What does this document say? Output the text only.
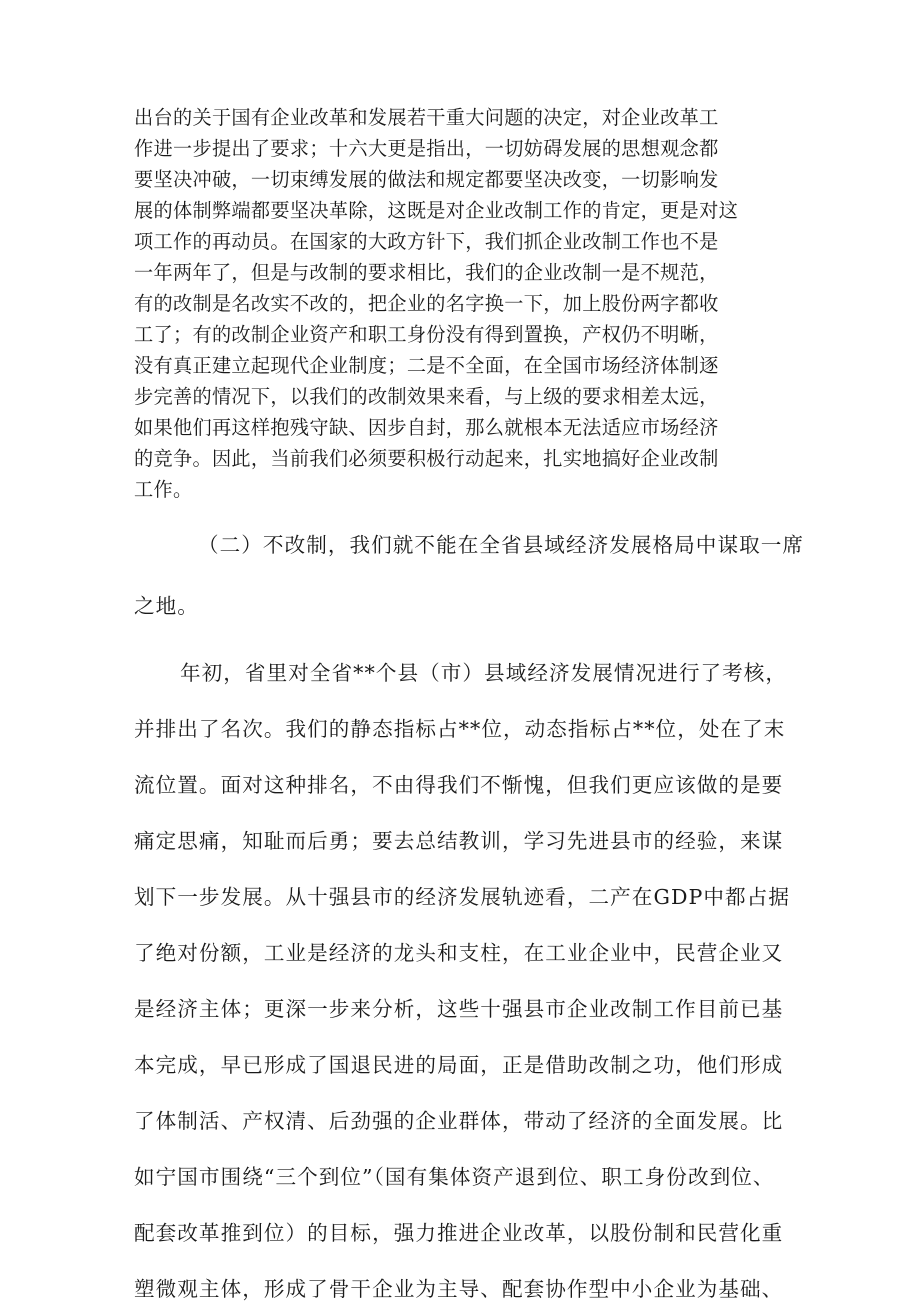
出台的关于国有企业改革和发展若干重大问题的决定，对企业改革工

作进一步提出了要求；十六大更是指出，一切妨碍发展的思想观念都

要坚决冲破，一切束缚发展的做法和规定都要坚决改变，一切影响发

展的体制弊端都要坚决革除，这既是对企业改制工作的肯定，更是对这

项工作的再动员。在国家的大政方针下，我们抓企业改制工作也不是

一年两年了，但是与改制的要求相比，我们的企业改制一是不规范，

有的改制是名改实不改的，把企业的名字换一下，加上股份两字都收

工了；有的改制企业资产和职工身份没有得到置换，产权仍不明晰，

没有真正建立起现代企业制度；二是不全面，在全国市场经济体制逐

步完善的情况下，以我们的改制效果来看，与上级的要求相差太远，

如果他们再这样抱残守缺、因步自封，那么就根本无法适应市场经济

的竞争。因此，当前我们必须要积极行动起来，扎实地搞好企业改制

工作。

（二）不改制，我们就不能在全省县域经济发展格局中谋取一席

之地。

年初，省里对全省**个县（市）县域经济发展情况进行了考核，

并排出了名次。我们的静态指标占**位，动态指标占**位，处在了末

流位置。面对这种排名，不由得我们不惭愧，但我们更应该做的是要

痛定思痛，知耻而后勇；要去总结教训，学习先进县市的经验，来谋

划下一步发展。从十强县市的经济发展轨迹看，二产在GDP中都占据

了绝对份额，工业是经济的龙头和支柱，在工业企业中，民营企业又

是经济主体；更深一步来分析，这些十强县市企业改制工作目前已基

本完成，早已形成了国退民进的局面，正是借助改制之功，他们形成

了体制活、产权清、后劲强的企业群体，带动了经济的全面发展。比

如宁国市围绕“三个到位”（国有集体资产退到位、职工身份改到位、

配套改革推到位）的目标，强力推进企业改革，以股份制和民营化重

塑微观主体，形成了骨干企业为主导、配套协作型中小企业为基础、
